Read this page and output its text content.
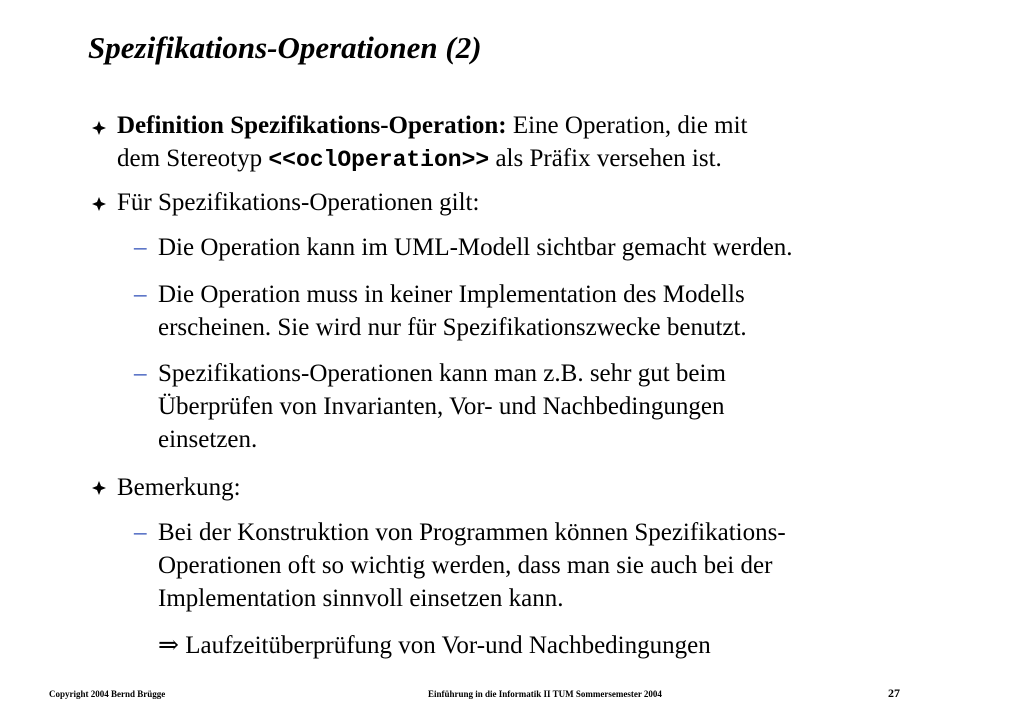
Spezifikations-Operationen (2)
Definition Spezifikations-Operation: Eine Operation, die mit
dem Stereotyp <<oclOperation>> als Präfix versehen ist.
Für Spezifikations-Operationen gilt:
– Die Operation kann im UML-Modell sichtbar gemacht werden.
– Die Operation muss in keiner Implementation des Modells
erscheinen. Sie wird nur für Spezifikationszwecke benutzt.
– Spezifikations-Operationen kann man z.B. sehr gut beim
Überprüfen von Invarianten, Vor- und Nachbedingungen
einsetzen.
Bemerkung:
– Bei der Konstruktion von Programmen können Spezifikations-
Operationen oft so wichtig werden, dass man sie auch bei der
Implementation sinnvoll einsetzen kann.
⇒ Laufzeitüberprüfung von Vor-und Nachbedingungen
Copyright 2004 Bernd Brügge	Einführung in die Informatik II TUM Sommersemester 2004	27
